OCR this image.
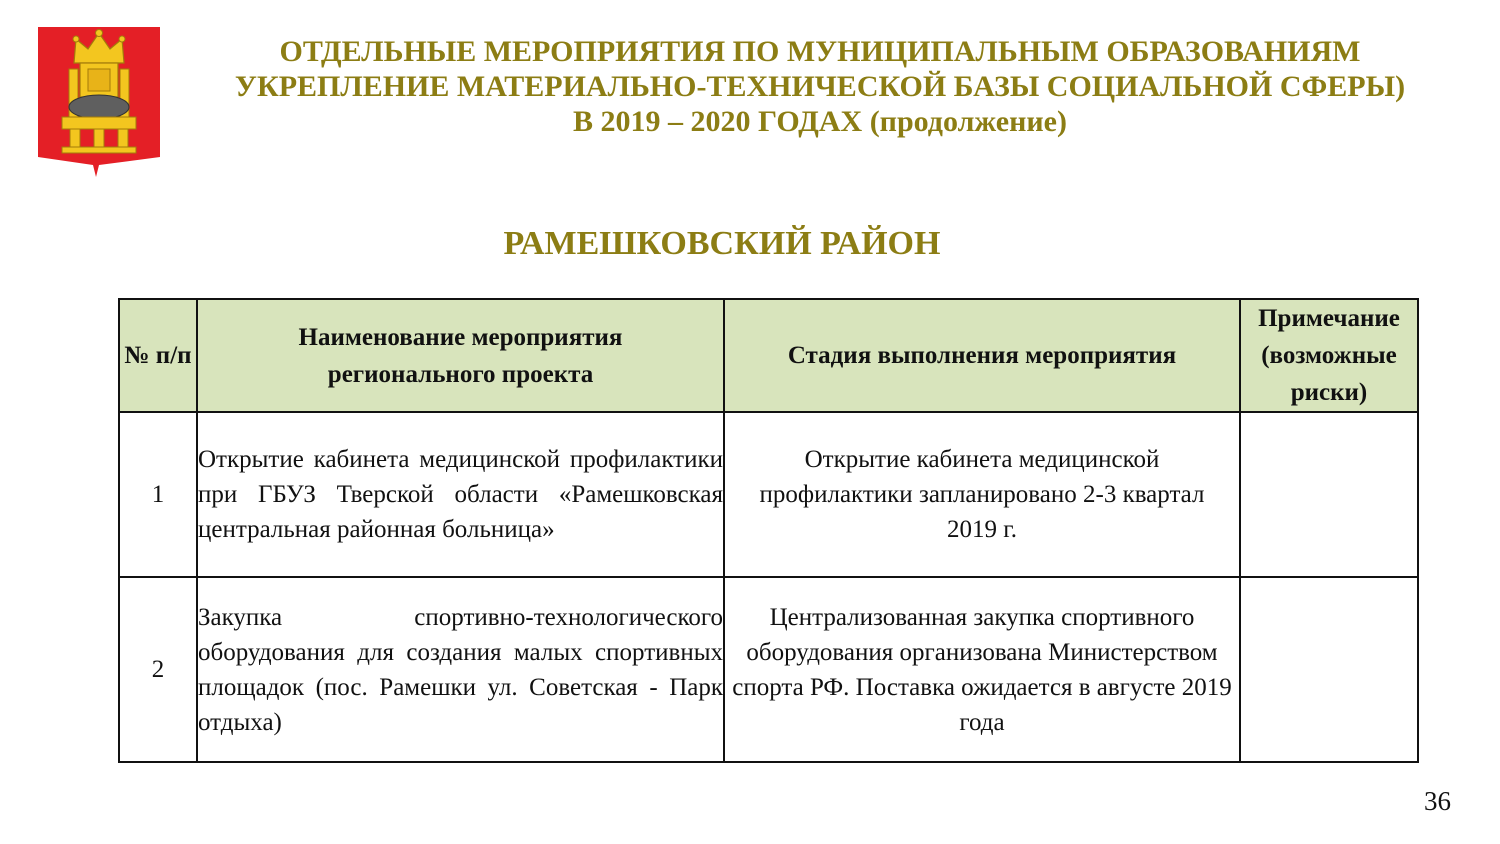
ОТДЕЛЬНЫЕ МЕРОПРИЯТИЯ ПО МУНИЦИПАЛЬНЫМ ОБРАЗОВАНИЯМ
УКРЕПЛЕНИЕ МАТЕРИАЛЬНО-ТЕХНИЧЕСКОЙ БАЗЫ СОЦИАЛЬНОЙ СФЕРЫ)
В 2019 – 2020 ГОДАХ (продолжение)
РАМЕШКОВСКИЙ РАЙОН
№ п/п	Наименование мероприятия регионального проекта	Стадия выполнения мероприятия	Примечание (возможные риски)
1	Открытие кабинета медицинской профилактики при ГБУЗ Тверской области «Рамешковская центральная районная больница»	Открытие кабинета медицинской профилактики запланировано 2-3 квартал 2019 г.	
2	Закупка спортивно-технологического оборудования для создания малых спортивных площадок (пос. Рамешки ул. Советская - Парк отдыха)	Централизованная закупка спортивного оборудования организована Министерством спорта РФ. Поставка ожидается в августе 2019 года	
36
